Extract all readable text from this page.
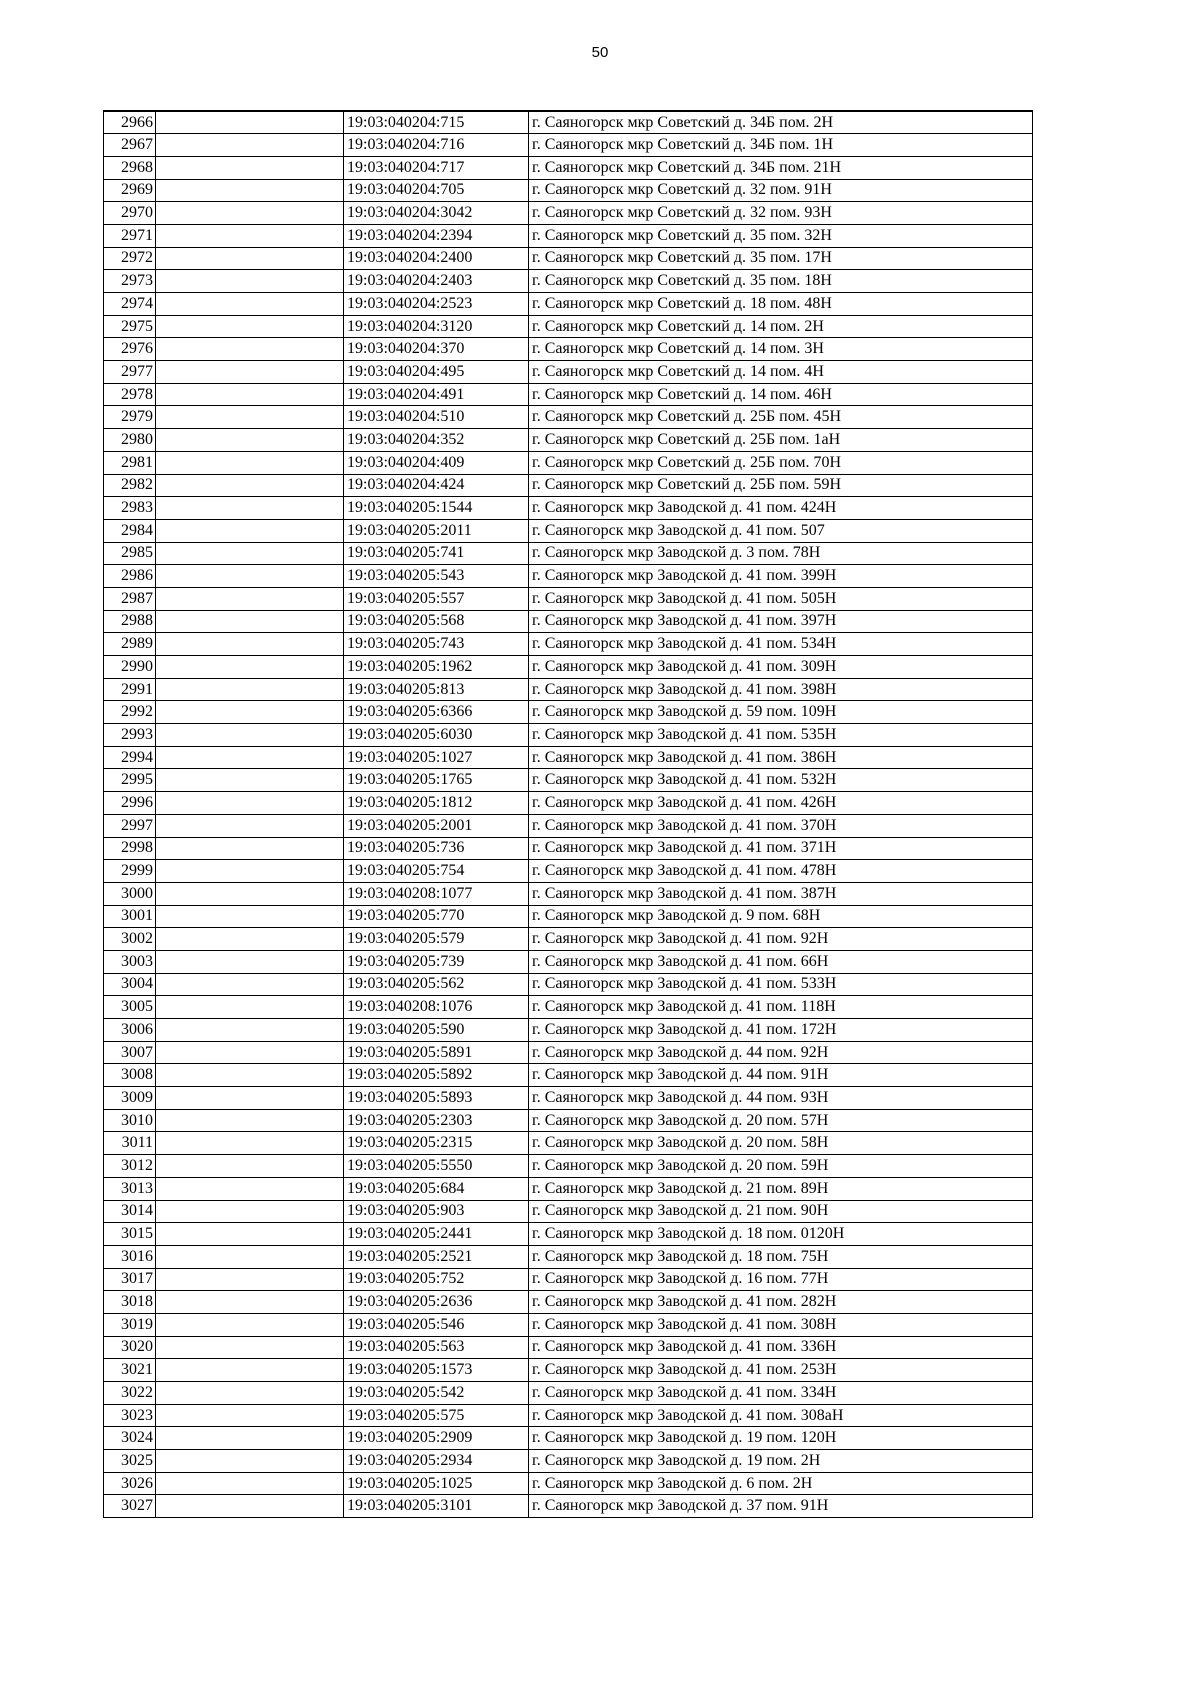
50
2966		19:03:040204:715	г. Саяногорск мкр Советский д. 34Б пом. 2Н
2967		19:03:040204:716	г. Саяногорск мкр Советский д. 34Б пом. 1Н
2968		19:03:040204:717	г. Саяногорск мкр Советский д. 34Б пом. 21Н
2969		19:03:040204:705	г. Саяногорск мкр Советский д. 32 пом. 91Н
2970		19:03:040204:3042	г. Саяногорск мкр Советский д. 32 пом. 93Н
2971		19:03:040204:2394	г. Саяногорск мкр Советский д. 35 пом. 32Н
2972		19:03:040204:2400	г. Саяногорск мкр Советский д. 35 пом. 17Н
2973		19:03:040204:2403	г. Саяногорск мкр Советский д. 35 пом. 18Н
2974		19:03:040204:2523	г. Саяногорск мкр Советский д. 18 пом. 48Н
2975		19:03:040204:3120	г. Саяногорск мкр Советский д. 14 пом. 2Н
2976		19:03:040204:370	г. Саяногорск мкр Советский д. 14 пом. 3Н
2977		19:03:040204:495	г. Саяногорск мкр Советский д. 14 пом. 4Н
2978		19:03:040204:491	г. Саяногорск мкр Советский д. 14 пом. 46Н
2979		19:03:040204:510	г. Саяногорск мкр Советский д. 25Б пом. 45Н
2980		19:03:040204:352	г. Саяногорск мкр Советский д. 25Б пом. 1аН
2981		19:03:040204:409	г. Саяногорск мкр Советский д. 25Б пом. 70Н
2982		19:03:040204:424	г. Саяногорск мкр Советский д. 25Б пом. 59Н
2983		19:03:040205:1544	г. Саяногорск мкр Заводской д. 41 пом. 424Н
2984		19:03:040205:2011	г. Саяногорск мкр Заводской д. 41 пом. 507
2985		19:03:040205:741	г. Саяногорск мкр Заводской д. 3 пом. 78Н
2986		19:03:040205:543	г. Саяногорск мкр Заводской д. 41 пом. 399Н
2987		19:03:040205:557	г. Саяногорск мкр Заводской д. 41 пом. 505Н
2988		19:03:040205:568	г. Саяногорск мкр Заводской д. 41 пом. 397Н
2989		19:03:040205:743	г. Саяногорск мкр Заводской д. 41 пом. 534Н
2990		19:03:040205:1962	г. Саяногорск мкр Заводской д. 41 пом. 309Н
2991		19:03:040205:813	г. Саяногорск мкр Заводской д. 41 пом. 398Н
2992		19:03:040205:6366	г. Саяногорск мкр Заводской д. 59 пом. 109Н
2993		19:03:040205:6030	г. Саяногорск мкр Заводской д. 41 пом. 535Н
2994		19:03:040205:1027	г. Саяногорск мкр Заводской д. 41 пом. 386Н
2995		19:03:040205:1765	г. Саяногорск мкр Заводской д. 41 пом. 532Н
2996		19:03:040205:1812	г. Саяногорск мкр Заводской д. 41 пом. 426Н
2997		19:03:040205:2001	г. Саяногорск мкр Заводской д. 41 пом. 370Н
2998		19:03:040205:736	г. Саяногорск мкр Заводской д. 41 пом. 371Н
2999		19:03:040205:754	г. Саяногорск мкр Заводской д. 41 пом. 478Н
3000		19:03:040208:1077	г. Саяногорск мкр Заводской д. 41 пом. 387Н
3001		19:03:040205:770	г. Саяногорск мкр Заводской д. 9 пом. 68Н
3002		19:03:040205:579	г. Саяногорск мкр Заводской д. 41 пом. 92Н
3003		19:03:040205:739	г. Саяногорск мкр Заводской д. 41 пом. 66Н
3004		19:03:040205:562	г. Саяногорск мкр Заводской д. 41 пом. 533Н
3005		19:03:040208:1076	г. Саяногорск мкр Заводской д. 41 пом. 118Н
3006		19:03:040205:590	г. Саяногорск мкр Заводской д. 41 пом. 172Н
3007		19:03:040205:5891	г. Саяногорск мкр Заводской д. 44 пом. 92Н
3008		19:03:040205:5892	г. Саяногорск мкр Заводской д. 44 пом. 91Н
3009		19:03:040205:5893	г. Саяногорск мкр Заводской д. 44 пом. 93Н
3010		19:03:040205:2303	г. Саяногорск мкр Заводской д. 20 пом. 57Н
3011		19:03:040205:2315	г. Саяногорск мкр Заводской д. 20 пом. 58Н
3012		19:03:040205:5550	г. Саяногорск мкр Заводской д. 20 пом. 59Н
3013		19:03:040205:684	г. Саяногорск мкр Заводской д. 21 пом. 89Н
3014		19:03:040205:903	г. Саяногорск мкр Заводской д. 21 пом. 90Н
3015		19:03:040205:2441	г. Саяногорск мкр Заводской д. 18 пом. 0120Н
3016		19:03:040205:2521	г. Саяногорск мкр Заводской д. 18 пом. 75Н
3017		19:03:040205:752	г. Саяногорск мкр Заводской д. 16 пом. 77Н
3018		19:03:040205:2636	г. Саяногорск мкр Заводской д. 41 пом. 282Н
3019		19:03:040205:546	г. Саяногорск мкр Заводской д. 41 пом. 308Н
3020		19:03:040205:563	г. Саяногорск мкр Заводской д. 41 пом. 336Н
3021		19:03:040205:1573	г. Саяногорск мкр Заводской д. 41 пом. 253Н
3022		19:03:040205:542	г. Саяногорск мкр Заводской д. 41 пом. 334Н
3023		19:03:040205:575	г. Саяногорск мкр Заводской д. 41 пом. 308аН
3024		19:03:040205:2909	г. Саяногорск мкр Заводской д. 19 пом. 120Н
3025		19:03:040205:2934	г. Саяногорск мкр Заводской д. 19 пом. 2Н
3026		19:03:040205:1025	г. Саяногорск мкр Заводской д. 6 пом. 2Н
3027		19:03:040205:3101	г. Саяногорск мкр Заводской д. 37 пом. 91Н
